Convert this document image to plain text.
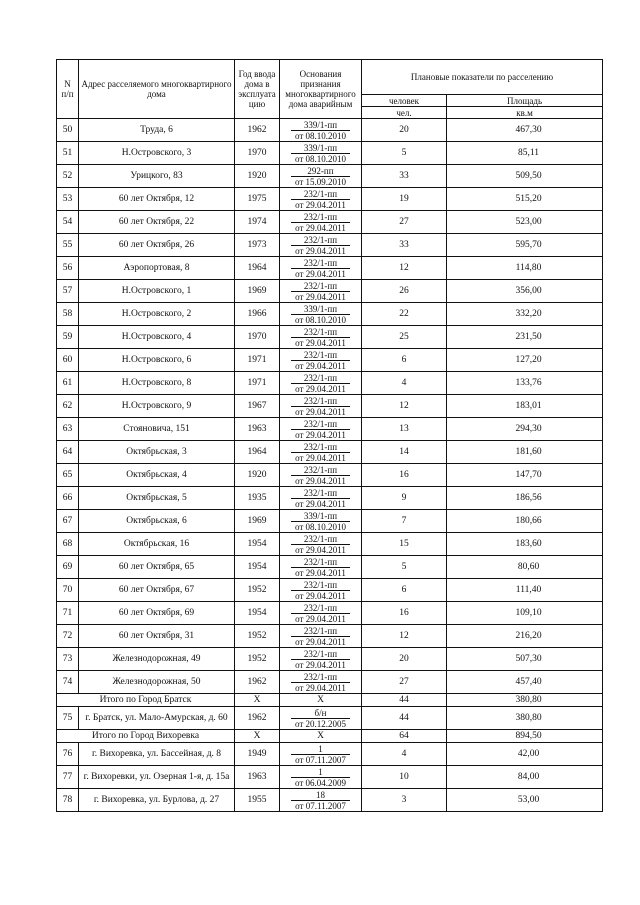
N
п/п	Адрес расселяемого многоквартирного дома	Год ввода дома в эксплуата цию	Основания признания многоквартирного дома аварийным	Плановые показатели по расселению	
				человек	Площадь
				чел.	кв.м
50	Труда, 6	1962	339/1-пп
от 08.10.2010	20	467,30
51	Н.Островского, 3	1970	339/1-пп
от 08.10.2010	5	85,11
52	Урицкого, 83	1920	292-пп
от 15.09.2010	33	509,50
53	60 лет Октября, 12	1975	232/1-пп
от 29.04.2011	19	515,20
54	60 лет Октября, 22	1974	232/1-пп
от 29.04.2011	27	523,00
55	60 лет Октября, 26	1973	232/1-пп
от 29.04.2011	33	595,70
56	Аэропортовая, 8	1964	232/1-пп
от 29.04.2011	12	114,80
57	Н.Островского, 1	1969	232/1-пп
от 29.04.2011	26	356,00
58	Н.Островского, 2	1966	339/1-пп
от 08.10.2010	22	332,20
59	Н.Островского, 4	1970	232/1-пп
от 29.04.2011	25	231,50
60	Н.Островского, 6	1971	232/1-пп
от 29.04.2011	6	127,20
61	Н.Островского, 8	1971	232/1-пп
от 29.04.2011	4	133,76
62	Н.Островского, 9	1967	232/1-пп
от 29.04.2011	12	183,01
63	Стояновича, 151	1963	232/1-пп
от 29.04.2011	13	294,30
64	Октябрьская, 3	1964	232/1-пп
от 29.04.2011	14	181,60
65	Октябрьская, 4	1920	232/1-пп
от 29.04.2011	16	147,70
66	Октябрьская, 5	1935	232/1-пп
от 29.04.2011	9	186,56
67	Октябрьская, 6	1969	339/1-пп
от 08.10.2010	7	180,66
68	Октябрьская, 16	1954	232/1-пп
от 29.04.2011	15	183,60
69	60 лет Октября, 65	1954	232/1-пп
от 29.04.2011	5	80,60
70	60 лет Октября, 67	1952	232/1-пп
от 29.04.2011	6	111,40
71	60 лет Октября, 69	1954	232/1-пп
от 29.04.2011	16	109,10
72	60 лет Октября, 31	1952	232/1-пп
от 29.04.2011	12	216,20
73	Железнодорожная, 49	1952	232/1-пп
от 29.04.2011	20	507,30
74	Железнодорожная, 50	1962	232/1-пп
от 29.04.2011	27	457,40
Итого по Город Братск		X	X	44	380,80
75	г. Братск, ул. Мало-Амурская, д. 60	1962	б/н
от 20.12.2005	44	380,80
Итого по Город Вихоревка		X	X	64	894,50
76	г. Вихоревка, ул. Бассейная, д. 8	1949	1
от 07.11.2007	4	42,00
77	г. Вихоревки, ул. Озерная 1-я, д. 15а	1963	1
от 06.04.2009	10	84,00
78	г. Вихоревка, ул. Бурлова, д. 27	1955	18
от 07.11.2007	3	53,00
